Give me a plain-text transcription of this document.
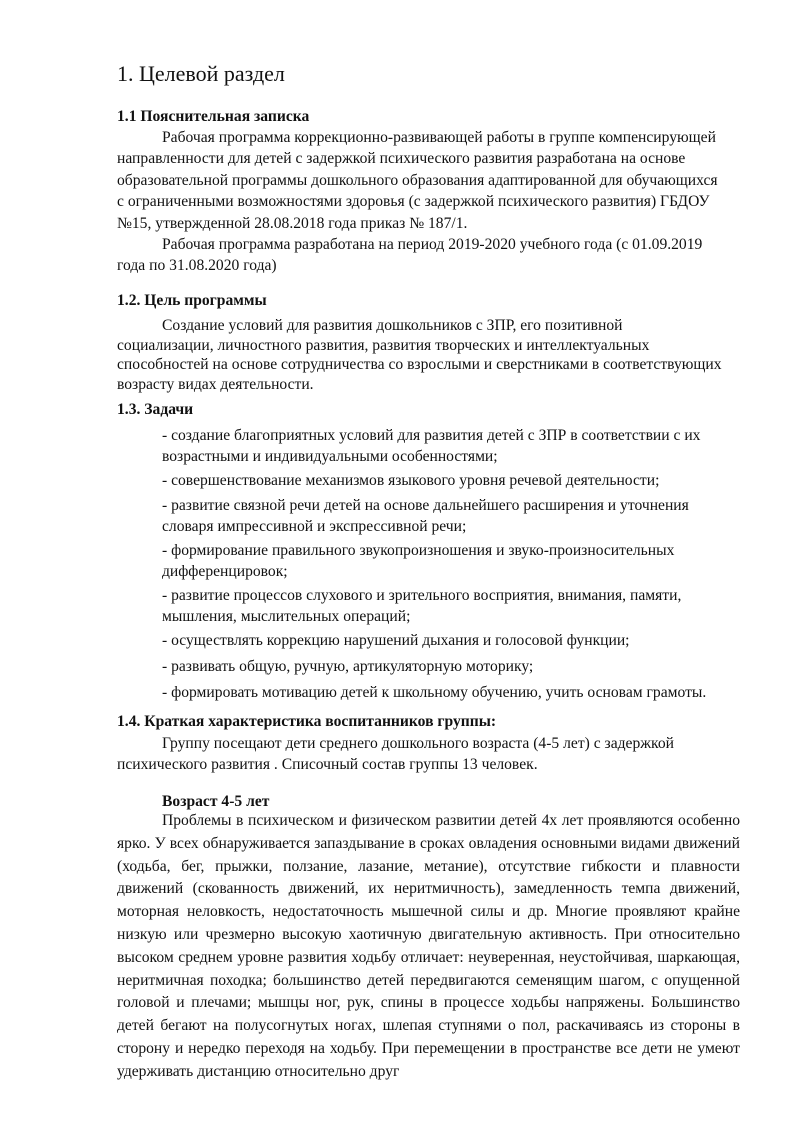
1. Целевой раздел
1.1 Пояснительная записка

Рабочая программа коррекционно-развивающей работы в группе компенсирующей
направленности для детей с задержкой психического развития разработана на основе
образовательной программы дошкольного образования адаптированной для обучающихся
с ограниченными возможностями здоровья (с задержкой психического развития) ГБДОУ
№15, утвержденной 28.08.2018 года приказ № 187/1.

Рабочая программа разработана на период 2019-2020 учебного года (с 01.09.2019
года по 31.08.2020 года)

1.2. Цель программы

Создание условий для развития дошкольников с ЗПР, его позитивной
социализации, личностного развития, развития творческих и интеллектуальных
способностей на основе сотрудничества со взрослыми и сверстниками в соответствующих
возрасту видах деятельности.

1.3. Задачи
- создание благоприятных условий для развития детей с ЗПР в соответствии с их
возрастными и индивидуальными особенностями;
- совершенствование механизмов языкового уровня речевой деятельности;
- развитие связной речи детей на основе дальнейшего расширения и уточнения
словаря импрессивной и экспрессивной речи;
- формирование правильного звукопроизношения и звуко-произносительных
дифференцировок;
- развитие процессов слухового и зрительного восприятия, внимания, памяти,
мышления, мыслительных операций;
- осуществлять коррекцию нарушений дыхания и голосовой функции;
- развивать общую, ручную, артикуляторную моторику;
- формировать мотивацию детей к школьному обучению, учить основам грамоты.
1.4. Краткая характеристика воспитанников группы:

Группу посещают дети среднего дошкольного возраста (4-5 лет) с задержкой
психического развития . Списочный состав группы 13 человек.

Возраст 4-5 лет

Проблемы в психическом и физическом развитии детей 4х лет проявляются особенно ярко. У всех обнаруживается запаздывание в сроках овладения основными видами движений (ходьба, бег, прыжки, ползание, лазание, метание), отсутствие гибкости и плавности движений (скованность движений, их неритмичность), замедленность темпа движений, моторная неловкость, недостаточность мышечной силы и др. Многие проявляют крайне низкую или чрезмерно высокую хаотичную двигательную активность. При относительно высоком среднем уровне развития ходьбу отличает: неуверенная, неустойчивая, шаркающая, неритмичная походка; большинство детей передвигаются семенящим шагом, с опущенной головой и плечами; мышцы ног, рук, спины в процессе ходьбы напряжены. Большинство детей бегают на полусогнутых ногах, шлепая ступнями о пол, раскачиваясь из стороны в сторону и нередко переходя на ходьбу. При перемещении в пространстве все дети не умеют удерживать дистанцию относительно друг
